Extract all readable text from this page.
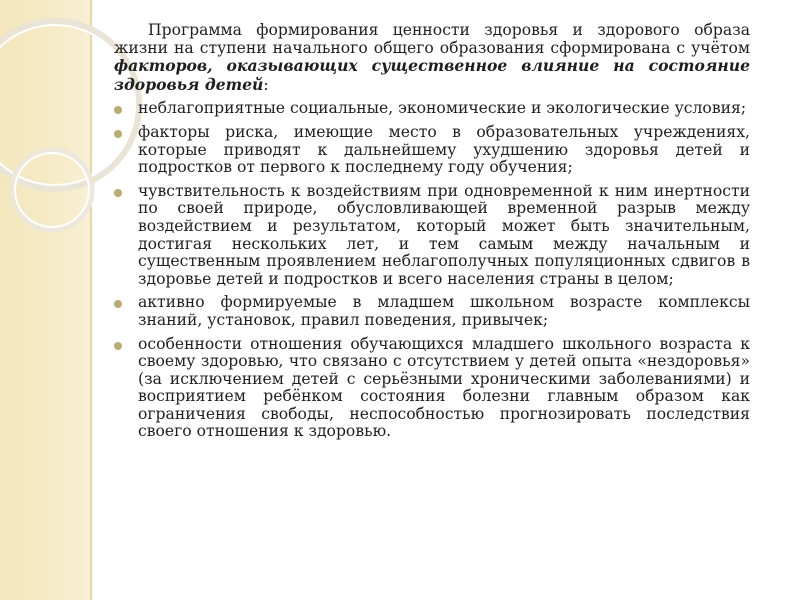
Программа формирования ценности здоровья и здорового образа жизни на ступени начального общего образования сформирована с учётом факторов, оказывающих существенное влияние на состояние здоровья детей:

неблагоприятные социальные, экономические и экологические условия;
факторы риска, имеющие место в образовательных учреждениях, которые приводят к дальнейшему ухудшению здоровья детей и подростков от первого к последнему году обучения;
чувствительность к воздействиям при одновременной к ним инертности по своей природе, обусловливающей временной разрыв между воздействием и результатом, который может быть значительным, достигая нескольких лет, и тем самым между начальным и существенным проявлением неблагополучных популяционных сдвигов в здоровье детей и подростков и всего населения страны в целом;
активно формируемые в младшем школьном возрасте комплексы знаний, установок, правил поведения, привычек;
особенности отношения обучающихся младшего школьного возраста к своему здоровью, что связано с отсутствием у детей опыта «нездоровья» (за исключением детей с серьёзными хроническими заболеваниями) и восприятием ребёнком состояния болезни главным образом как ограничения свободы, неспособностью прогнозировать последствия своего отношения к здоровью.
